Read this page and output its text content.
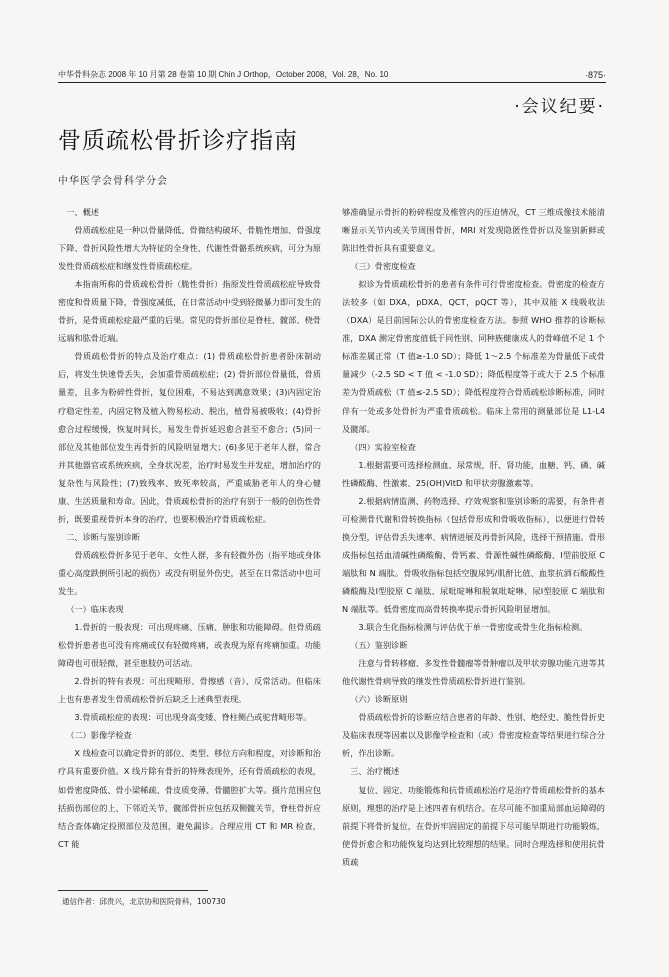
中华骨科杂志 2008 年 10 月第 28 卷第 10 期 Chin J Orthop，October 2008，Vol. 28，No. 10	·875·
·会议纪要·
骨质疏松骨折诊疗指南
中华医学会骨科学分会

一、概述

骨质疏松症是一种以骨量降低、骨微结构破坏、骨脆性增加、骨强度下降、骨折风险性增大为特征的全身性、代谢性骨骼系统疾病，可分为原发性骨质疏松症和继发性骨质疏松症。

本指南所称的骨质疏松骨折（脆性骨折）指原发性骨质疏松症导致骨密度和骨质量下降，骨强度减低，在日常活动中受到轻微暴力即可发生的骨折，是骨质疏松症最严重的后果。常见的骨折部位是脊柱、髋部、桡骨远端和肱骨近端。

骨质疏松骨折的特点及治疗难点：(1) 骨质疏松骨折患者卧床制动后，将发生快速骨丢失，会加重骨质疏松症；(2) 骨折部位骨量低，骨质量差，且多为粉碎性骨折，复位困难，不易达到满意效果；(3)内固定治疗稳定性差，内固定物及植入物易松动、脱出，植骨易被吸收；(4)骨折愈合过程缓慢，恢复时间长，易发生骨折延迟愈合甚至不愈合；(5)同一部位及其他部位发生再骨折的风险明显增大；(6)多见于老年人群，常合并其他器官或系统疾病，全身状况差，治疗时易发生并发症，增加治疗的复杂性与风险性；(7)致残率、致死率较高，严重威胁老年人的身心健康、生活质量和寿命。因此，骨质疏松骨折的治疗有别于一般的创伤性骨折，既要重视骨折本身的治疗，也要积极治疗骨质疏松症。

二、诊断与鉴别诊断

骨质疏松骨折多见于老年、女性人群，多有轻微外伤（指平地或身体重心高度跌倒所引起的损伤）或没有明显外伤史，甚至在日常活动中也可发生。

（一）临床表现

1.骨折的一般表现：可出现疼痛、压痛、肿胀和功能障碍。但骨质疏松骨折患者也可没有疼痛或仅有轻微疼痛，或表现为原有疼痛加重。功能障碍也可很轻微，甚至患肢仍可活动。

2.骨折的特有表现：可出现畸形、骨擦感（音）、反常活动。但临床上也有患者发生骨质疏松骨折后缺乏上述典型表现。

3.骨质疏松症的表现：可出现身高变矮、脊柱侧凸或驼背畸形等。

（二）影像学检查

X 线检查可以确定骨折的部位、类型、移位方向和程度，对诊断和治疗具有重要价值。X 线片除有骨折的特殊表现外，还有骨质疏松的表现，如骨密度降低、骨小梁稀疏、骨皮质变薄、骨髓腔扩大等。摄片范围应包括损伤部位的上、下邻近关节，髋部骨折应包括双侧髋关节，脊柱骨折应结合查体确定投照部位及范围，避免漏诊。合理应用 CT 和 MR 检查，CT 能

够准确显示骨折的粉碎程度及椎管内的压迫情况，CT 三维成像技术能清晰显示关节内或关节周围骨折，MRI 对发现隐匿性骨折以及鉴别新鲜或陈旧性骨折具有重要意义。

（三）骨密度检查

拟诊为骨质疏松骨折的患者有条件可行骨密度检查。骨密度的检查方法较多（如 DXA，pDXA，QCT，pQCT 等），其中双能 X 线吸收法（DXA）是目前国际公认的骨密度检查方法。参照 WHO 推荐的诊断标准，DXA 测定骨密度值低于同性别、同种族健康成人的骨峰值不足 1 个标准差属正常（T 值≥-1.0 SD）；降低 1～2.5 个标准差为骨量低下或骨量减少（-2.5 SD < T 值 < -1.0 SD）；降低程度等于或大于 2.5 个标准差为骨质疏松（T 值≤-2.5 SD）；降低程度符合骨质疏松诊断标准，同时伴有一处或多处骨折为严重骨质疏松。临床上常用的测量部位是 L1-L4 及髋部。

（四）实验室检查

1.根据需要可选择检测血、尿常规，肝、肾功能，血糖、钙、磷、碱性磷酸酶、性激素、25(OH)VitD 和甲状旁腺激素等。

2.根据病情监测、药物选择、疗效观察和鉴别诊断的需要，有条件者可检测骨代谢和骨转换指标（包括骨形成和骨吸收指标），以便进行骨转换分型，评估骨丢失速率、病情进展及再骨折风险，选择干预措施。骨形成指标包括血清碱性磷酸酶、骨钙素、骨源性碱性磷酸酶、Ⅰ型前胶原 C 端肽和 N 端肽。骨吸收指标包括空腹尿钙/肌酐比值、血浆抗酒石酸酸性磷酸酶及Ⅰ型胶原 C 端肽、尿吡啶啉和脱氧吡啶啉、尿Ⅰ型胶原 C 端肽和 N 端肽等。低骨密度而高骨转换率提示骨折风险明显增加。

3.联合生化指标检测与评估优于单一骨密度或骨生化指标检测。

（五）鉴别诊断

注意与骨转移瘤、多发性骨髓瘤等骨肿瘤以及甲状旁腺功能亢进等其他代谢性骨病导致的继发性骨质疏松骨折进行鉴别。

（六）诊断原则

骨质疏松骨折的诊断应结合患者的年龄、性别、绝经史、脆性骨折史及临床表现等因素以及影像学检查和（或）骨密度检查等结果进行综合分析，作出诊断。

三、治疗概述

复位、固定、功能锻炼和抗骨质疏松治疗是治疗骨质疏松骨折的基本原则，理想的治疗是上述四者有机结合。在尽可能不加重局部血运障碍的前提下将骨折复位，在骨折牢固固定的前提下尽可能早期进行功能锻炼，使骨折愈合和功能恢复均达到比较理想的结果。同时合理选择和使用抗骨质疏

通信作者：邱贵兴，北京协和医院骨科，100730
